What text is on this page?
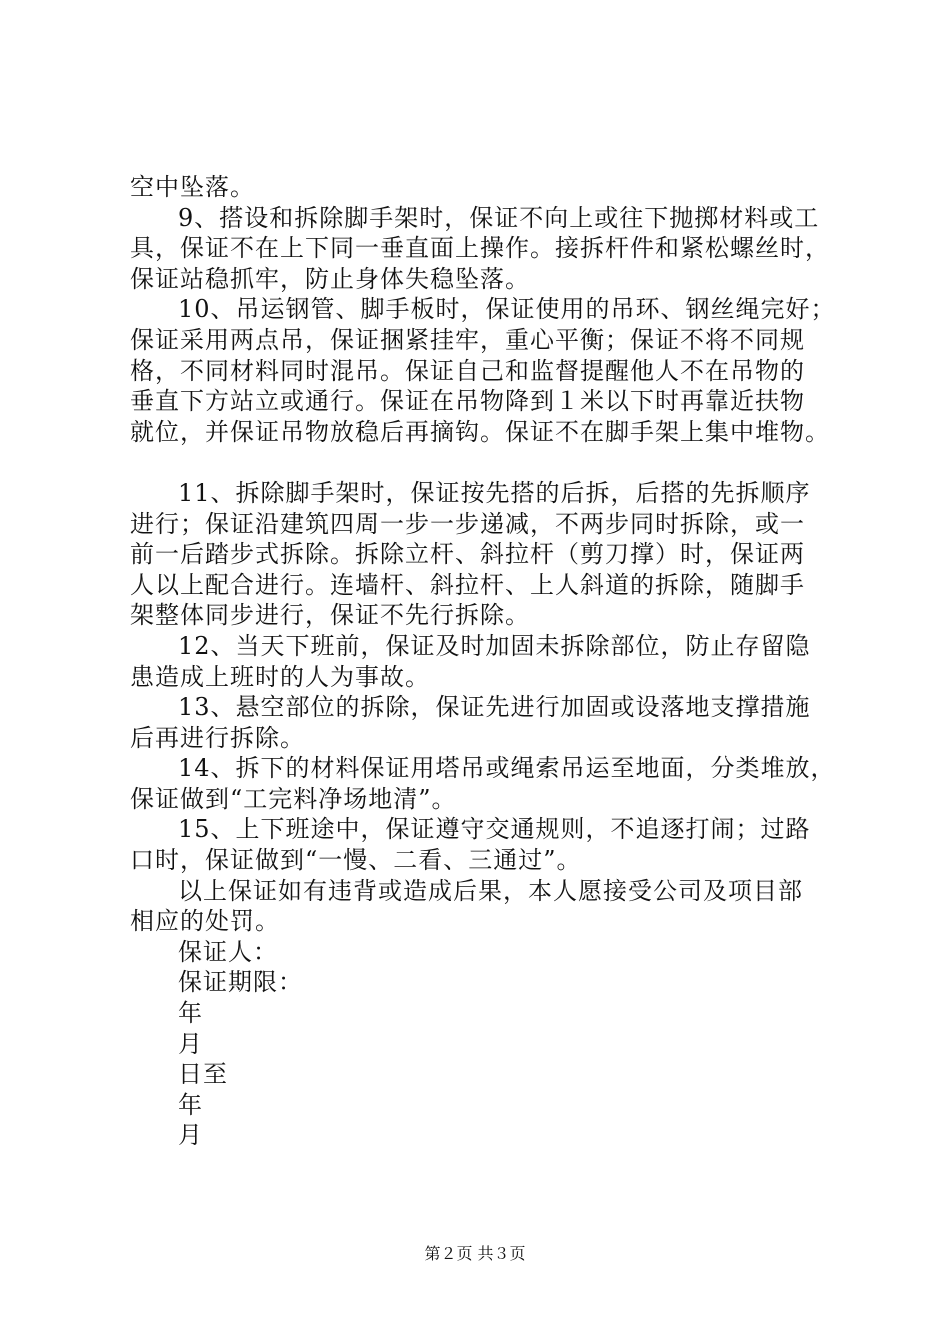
空中坠落。
9、搭设和拆除脚手架时，保证不向上或往下抛掷材料或工
具，保证不在上下同一垂直面上操作。接拆杆件和紧松螺丝时，
保证站稳抓牢，防止身体失稳坠落。
10、吊运钢管、脚手板时，保证使用的吊环、钢丝绳完好；
保证采用两点吊，保证捆紧挂牢，重心平衡；保证不将不同规
格，不同材料同时混吊。保证自己和监督提醒他人不在吊物的
垂直下方站立或通行。保证在吊物降到１米以下时再靠近扶物
就位，并保证吊物放稳后再摘钩。保证不在脚手架上集中堆物。
11、拆除脚手架时，保证按先搭的后拆，后搭的先拆顺序
进行；保证沿建筑四周一步一步递减，不两步同时拆除，或一
前一后踏步式拆除。拆除立杆、斜拉杆（剪刀撑）时，保证两
人以上配合进行。连墙杆、斜拉杆、上人斜道的拆除，随脚手
架整体同步进行，保证不先行拆除。
12、当天下班前，保证及时加固未拆除部位，防止存留隐
患造成上班时的人为事故。
13、悬空部位的拆除，保证先进行加固或设落地支撑措施
后再进行拆除。
14、拆下的材料保证用塔吊或绳索吊运至地面，分类堆放，
保证做到“工完料净场地清”。
15、上下班途中，保证遵守交通规则，不追逐打闹；过路
口时，保证做到“一慢、二看、三通过”。
以上保证如有违背或造成后果，本人愿接受公司及项目部
相应的处罚。
保证人：
保证期限：
年
月
日至
年
月
第２页 共３页
